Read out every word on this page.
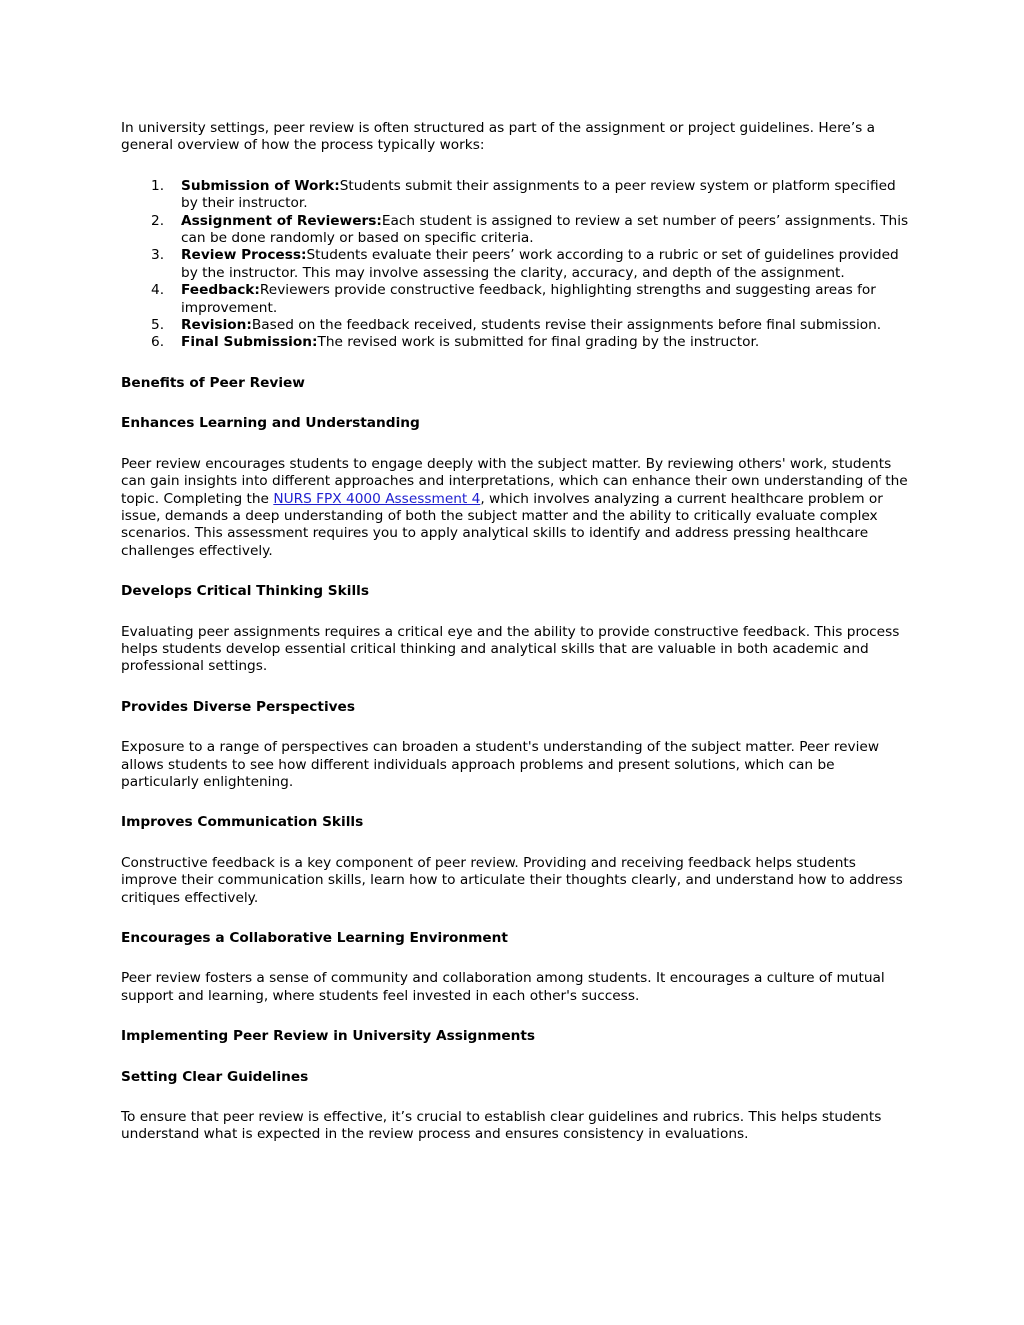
In university settings, peer review is often structured as part of the assignment or project guidelines. Here’s a general overview of how the process typically works:

Submission of Work:Students submit their assignments to a peer review system or platform specified by their instructor.
Assignment of Reviewers:Each student is assigned to review a set number of peers’ assignments. This can be done randomly or based on specific criteria.
Review Process:Students evaluate their peers’ work according to a rubric or set of guidelines provided by the instructor. This may involve assessing the clarity, accuracy, and depth of the assignment.
Feedback:Reviewers provide constructive feedback, highlighting strengths and suggesting areas for improvement.
Revision:Based on the feedback received, students revise their assignments before final submission.
Final Submission:The revised work is submitted for final grading by the instructor.
Benefits of Peer Review
Enhances Learning and Understanding

Peer review encourages students to engage deeply with the subject matter. By reviewing others' work, students can gain insights into different approaches and interpretations, which can enhance their own understanding of the topic. Completing the NURS FPX 4000 Assessment 4, which involves analyzing a current healthcare problem or issue, demands a deep understanding of both the subject matter and the ability to critically evaluate complex scenarios. This assessment requires you to apply analytical skills to identify and address pressing healthcare challenges effectively.

Develops Critical Thinking Skills

Evaluating peer assignments requires a critical eye and the ability to provide constructive feedback. This process helps students develop essential critical thinking and analytical skills that are valuable in both academic and professional settings.

Provides Diverse Perspectives

Exposure to a range of perspectives can broaden a student's understanding of the subject matter. Peer review allows students to see how different individuals approach problems and present solutions, which can be particularly enlightening.

Improves Communication Skills

Constructive feedback is a key component of peer review. Providing and receiving feedback helps students improve their communication skills, learn how to articulate their thoughts clearly, and understand how to address critiques effectively.

Encourages a Collaborative Learning Environment

Peer review fosters a sense of community and collaboration among students. It encourages a culture of mutual support and learning, where students feel invested in each other's success.

Implementing Peer Review in University Assignments
Setting Clear Guidelines

To ensure that peer review is effective, it’s crucial to establish clear guidelines and rubrics. This helps students understand what is expected in the review process and ensures consistency in evaluations.
